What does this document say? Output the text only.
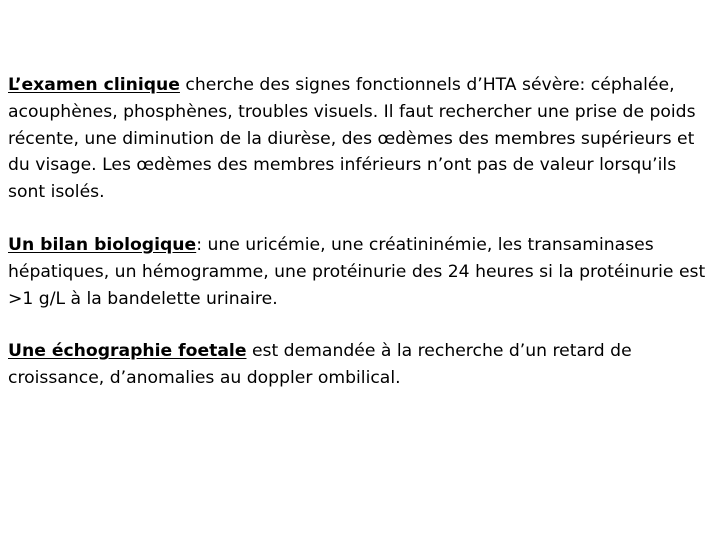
L’examen clinique cherche des signes fonctionnels d’HTA sévère: céphalée, acouphènes, phosphènes, troubles visuels. Il faut rechercher une prise de poids récente, une diminution de la diurèse, des œdèmes des membres supérieurs et du visage. Les œdèmes des membres inférieurs n’ont pas de valeur lorsqu’ils sont isolés.

Un bilan biologique: une uricémie, une créatininémie, les transaminases hépatiques, un hémogramme, une protéinurie des 24 heures si la protéinurie est >1 g/L à la bandelette urinaire.

Une échographie foetale est demandée à la recherche d’un retard de croissance, d’anomalies au doppler ombilical.
